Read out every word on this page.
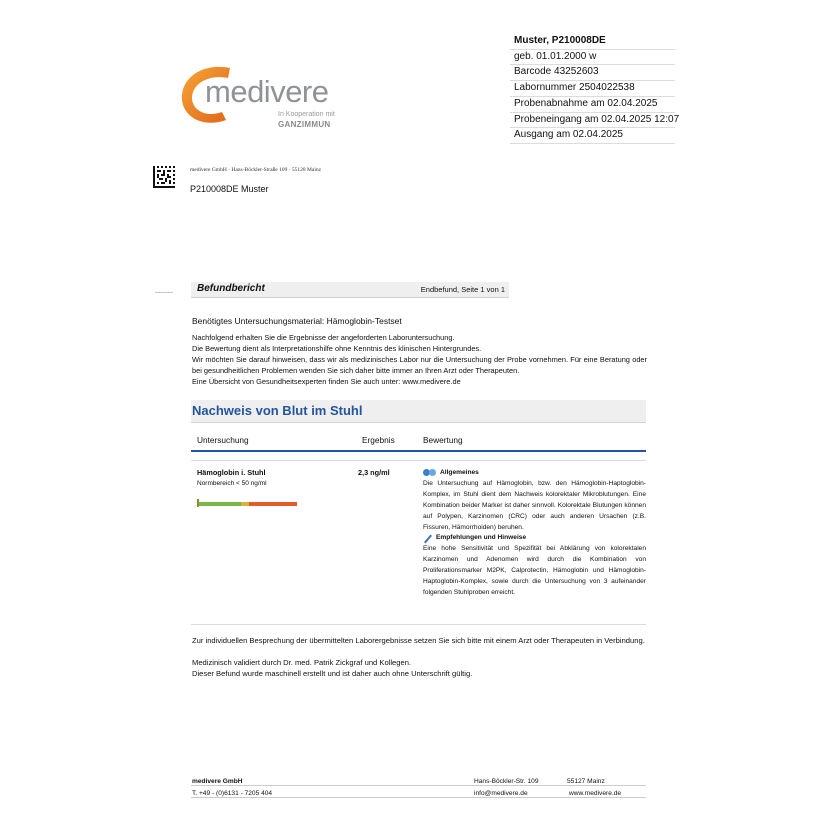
medivere
In Kooperation mit
GANZIMMUN
Muster, P210008DE
geb. 01.01.2000 w
Barcode 43252603
Labornummer 2504022538
Probenabnahme am 02.04.2025
Probeneingang am 02.04.2025 12:07
Ausgang am 02.04.2025
medivere GmbH · Hans-Böckler-Straße 109 · 55128 Mainz
P210008DE Muster
Befundbericht	Endbefund, Seite 1 von 1
Benötigtes Untersuchungsmaterial: Hämoglobin-Testset

Nachfolgend erhalten Sie die Ergebnisse der angeforderten Laboruntersuchung.

Die Bewertung dient als Interpretationshilfe ohne Kenntnis des klinischen Hintergrundes.

Wir möchten Sie darauf hinweisen, dass wir als medizinisches Labor nur die Untersuchung der Probe vornehmen. Für eine Beratung oder bei gesundheitlichen Problemen wenden Sie sich daher bitte immer an Ihren Arzt oder Therapeuten.

Eine Übersicht von Gesundheitsexperten finden Sie auch unter: www.medivere.de

Nachweis von Blut im Stuhl
Untersuchung	Ergebnis	Bewertung
Hämoglobin i. Stuhl
Normbereich < 50 ng/ml
2,3 ng/ml	Allgemeines
Die Untersuchung auf Hämoglobin, bzw. den Hämoglobin-Haptoglobin-Komplex, im Stuhl dient dem Nachweis kolorektaler Mikroblutungen. Eine Kombination beider Marker ist daher sinnvoll. Kolorektale Blutungen können auf Polypen, Karzinomen (CRC) oder auch anderen Ursachen (z.B. Fissuren, Hämorrhoiden) beruhen.
Empfehlungen und Hinweise
Eine hohe Sensitivität und Spezifität bei Abklärung von kolorektalen Karzinomen und Adenomen wird durch die Kombination von Proliferationsmarker M2PK, Calprotectin, Hämoglobin und Hämoglobin-Haptoglobin-Komplex, sowie durch die Untersuchung von 3 aufeinander folgenden Stuhlproben erreicht.

Zur individuellen Besprechung der übermittelten Laborergebnisse setzen Sie sich bitte mit einem Arzt oder Therapeuten in Verbindung.

Medizinisch validiert durch Dr. med. Patrik Zickgraf und Kollegen.

Dieser Befund wurde maschinell erstellt und ist daher auch ohne Unterschrift gültig.

medivere GmbH
T. +49 - (0)6131 - 7205 404
Hans-Böckler-Str. 109	55127 Mainz
info@medivere.de	www.medivere.de
